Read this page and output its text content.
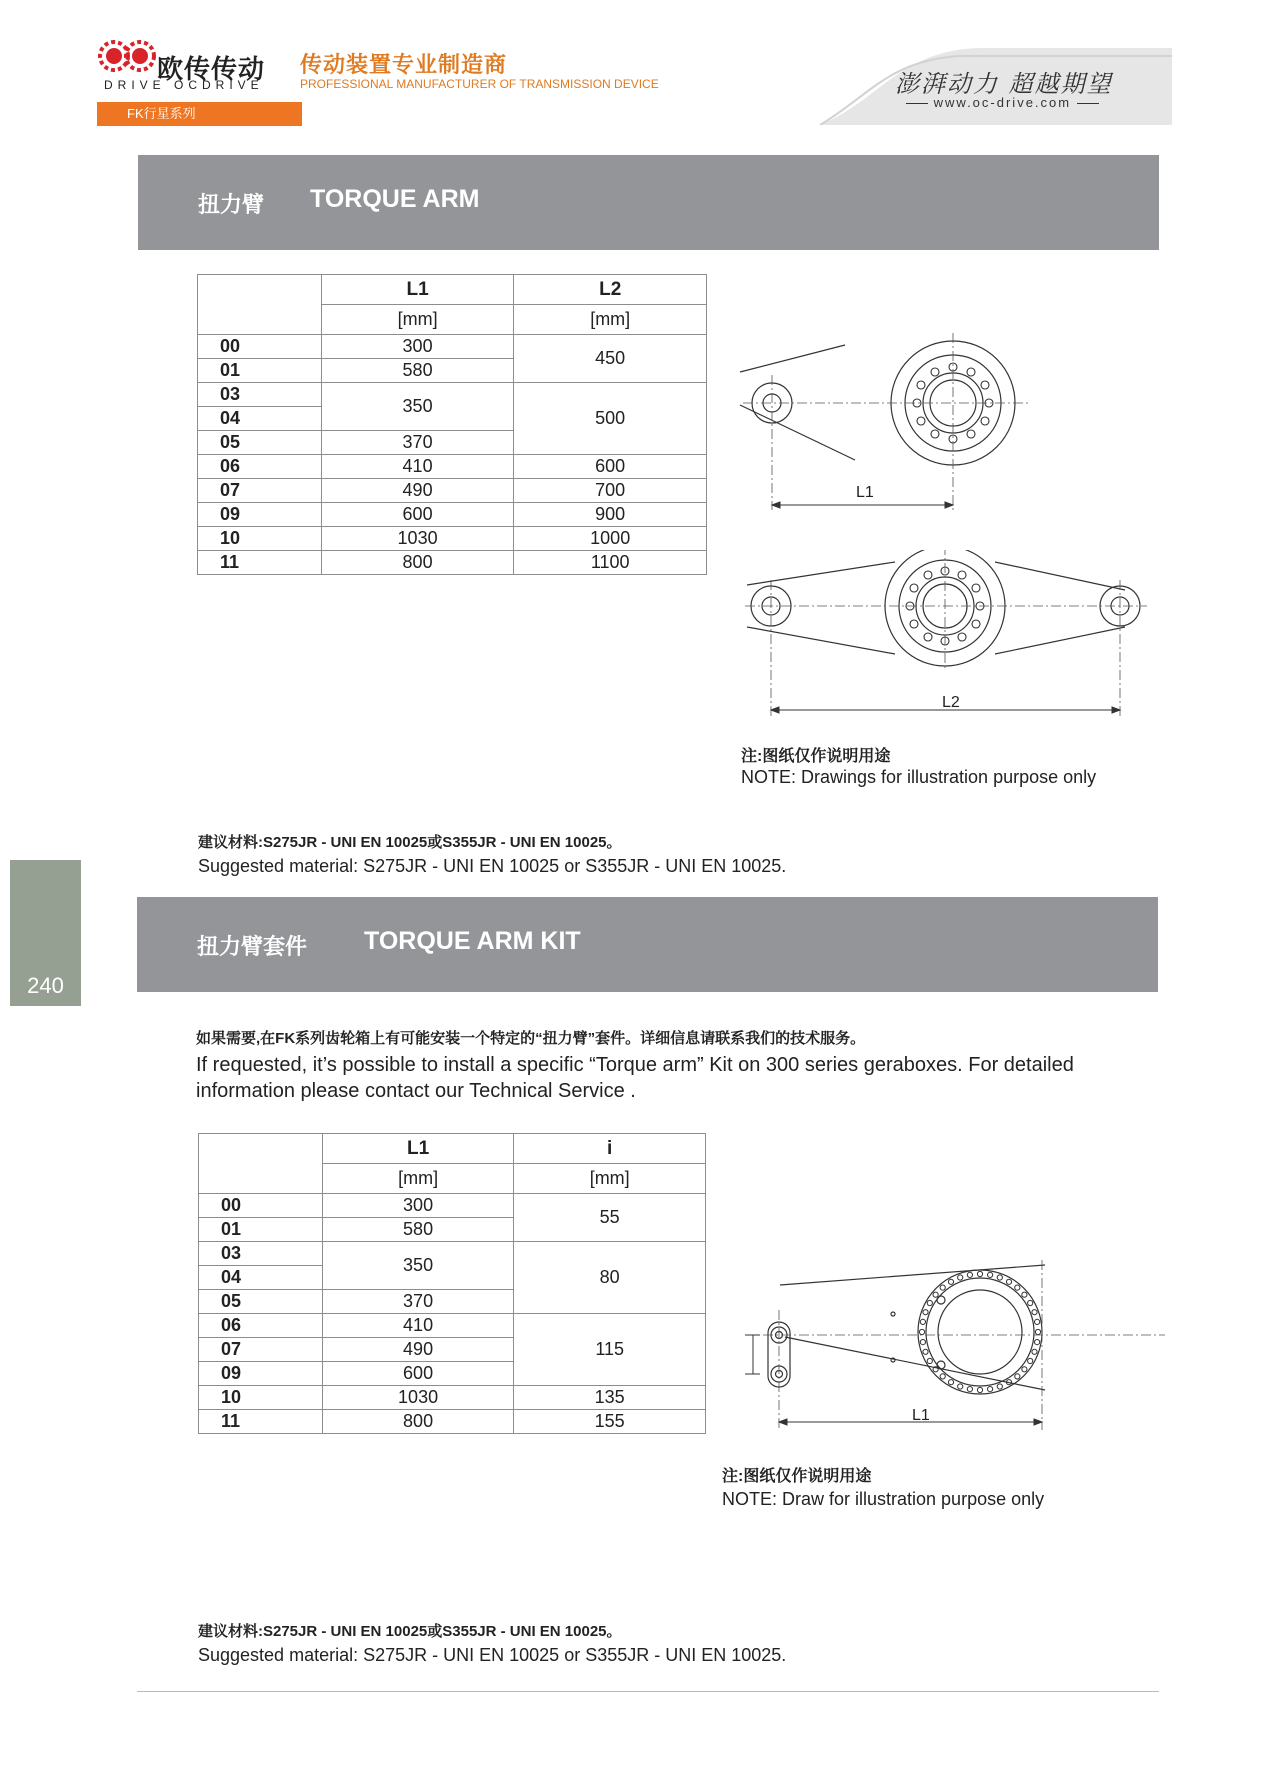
欧传传动
DRIVE OCDRIVE
传动装置专业制造商
PROFESSIONAL MANUFACTURER OF TRANSMISSION DEVICE	澎湃动力 超越期望
www.oc-drive.com
FK行星系列
扭力臂 TORQUE ARM
	L1	L2
	[mm]	[mm]
00	300	450
01	580	
03	350	500
04		
05	370	
06	410	600
07	490	700
09	600	900
10	1030	1000
11	800	1100
L1
L2
注:图纸仅作说明用途
NOTE: Drawings for illustration purpose only
建议材料:S275JR - UNI EN 10025或S355JR - UNI EN 10025。
Suggested material: S275JR - UNI EN 10025 or S355JR - UNI EN 10025.
240
扭力臂套件 TORQUE ARM KIT
如果需要,在FK系列齿轮箱上有可能安装一个特定的“扭力臂”套件。详细信息请联系我们的技术服务。
If requested, it’s possible to install a specific “Torque arm” Kit on 300 series geraboxes. For detailed
information please contact our Technical Service .
	L1	i
	[mm]	[mm]
00	300	55
01	580	
03	350	80
04		
05	370	
06	410	115
07	490	
09	600	
10	1030	135
11	800	155	L1
注:图纸仅作说明用途
NOTE: Draw for illustration purpose only
建议材料:S275JR - UNI EN 10025或S355JR - UNI EN 10025。
Suggested material: S275JR - UNI EN 10025 or S355JR - UNI EN 10025.
